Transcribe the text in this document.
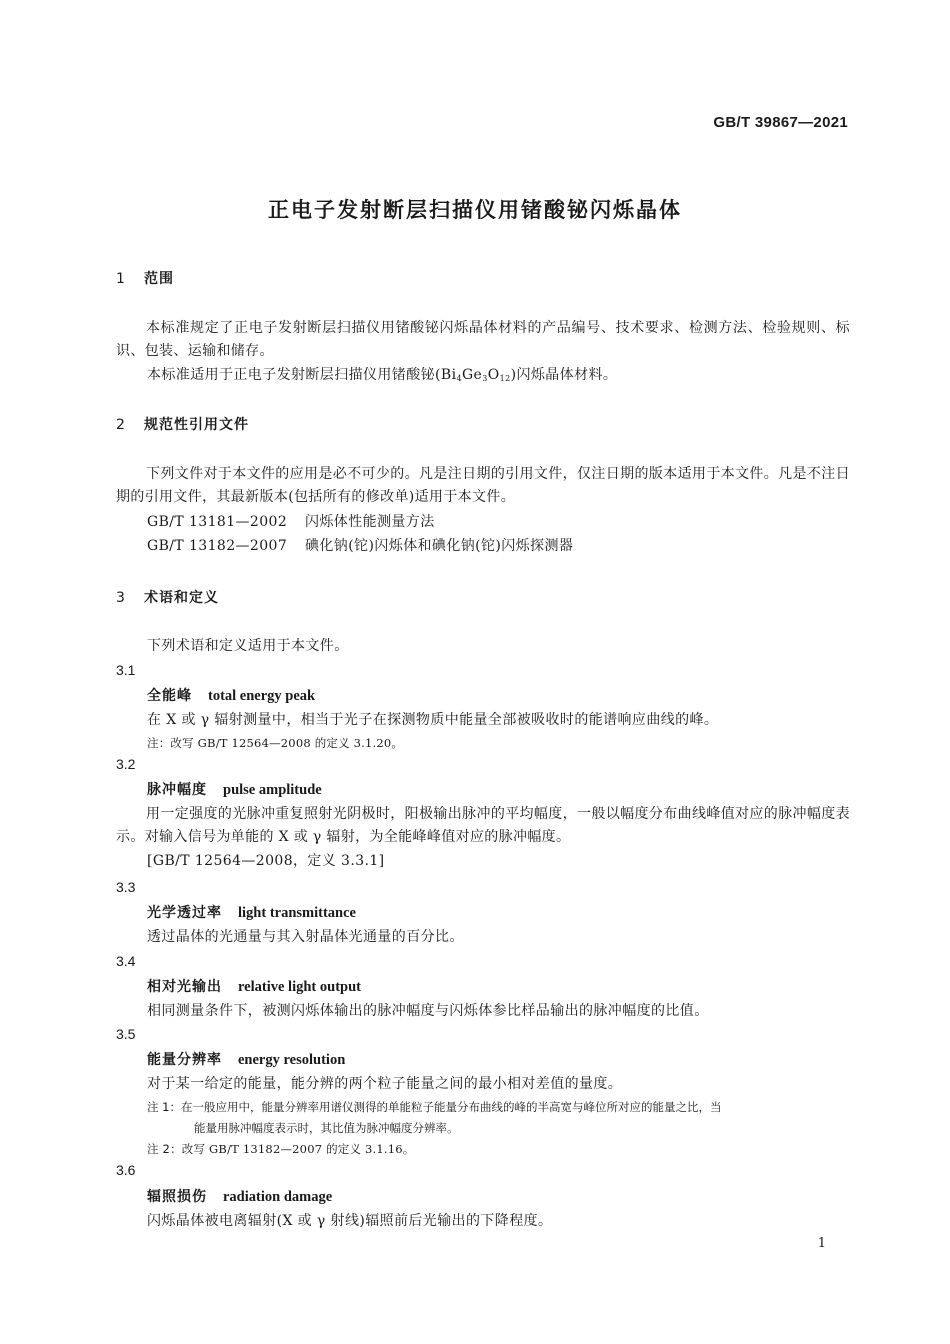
GB/T 39867—2021
正电子发射断层扫描仪用锗酸铋闪烁晶体
1 范围
本标准规定了正电子发射断层扫描仪用锗酸铋闪烁晶体材料的产品编号、技术要求、检测方法、检验规则、标识、包装、运输和储存。
本标准适用于正电子发射断层扫描仪用锗酸铋$(Bi_4Ge_3O_{12})$闪烁晶体材料。
2 规范性引用文件
下列文件对于本文件的应用是必不可少的。凡是注日期的引用文件，仅注日期的版本适用于本文件。凡是不注日期的引用文件，其最新版本(包括所有的修改单)适用于本文件。
GB/T 13181—2002 闪烁体性能测量方法
GB/T 13182—2007 碘化钠(铊)闪烁体和碘化钠(铊)闪烁探测器
3 术语和定义
下列术语和定义适用于本文件。
3.1
全能峰 total energy peak
在 X 或 γ 辐射测量中，相当于光子在探测物质中能量全部被吸收时的能谱响应曲线的峰。
注：改写 GB/T 12564—2008 的定义 3.1.20。
3.2
脉冲幅度 pulse amplitude
用一定强度的光脉冲重复照射光阴极时，阳极输出脉冲的平均幅度，一般以幅度分布曲线峰值对应的脉冲幅度表示。对输入信号为单能的 X 或 γ 辐射，为全能峰峰值对应的脉冲幅度。
[GB/T 12564—2008，定义 3.3.1]
3.3
光学透过率 light transmittance
透过晶体的光通量与其入射晶体光通量的百分比。
3.4
相对光输出 relative light output
相同测量条件下，被测闪烁体输出的脉冲幅度与闪烁体参比样品输出的脉冲幅度的比值。
3.5
能量分辨率 energy resolution
对于某一给定的能量，能分辨的两个粒子能量之间的最小相对差值的量度。
注 1：在一般应用中，能量分辨率用谱仪测得的单能粒子能量分布曲线的峰的半高宽与峰位所对应的能量之比，当
能量用脉冲幅度表示时，其比值为脉冲幅度分辨率。
注 2：改写 GB/T 13182—2007 的定义 3.1.16。
3.6
辐照损伤 radiation damage
闪烁晶体被电离辐射(X 或 γ 射线)辐照前后光输出的下降程度。
1
